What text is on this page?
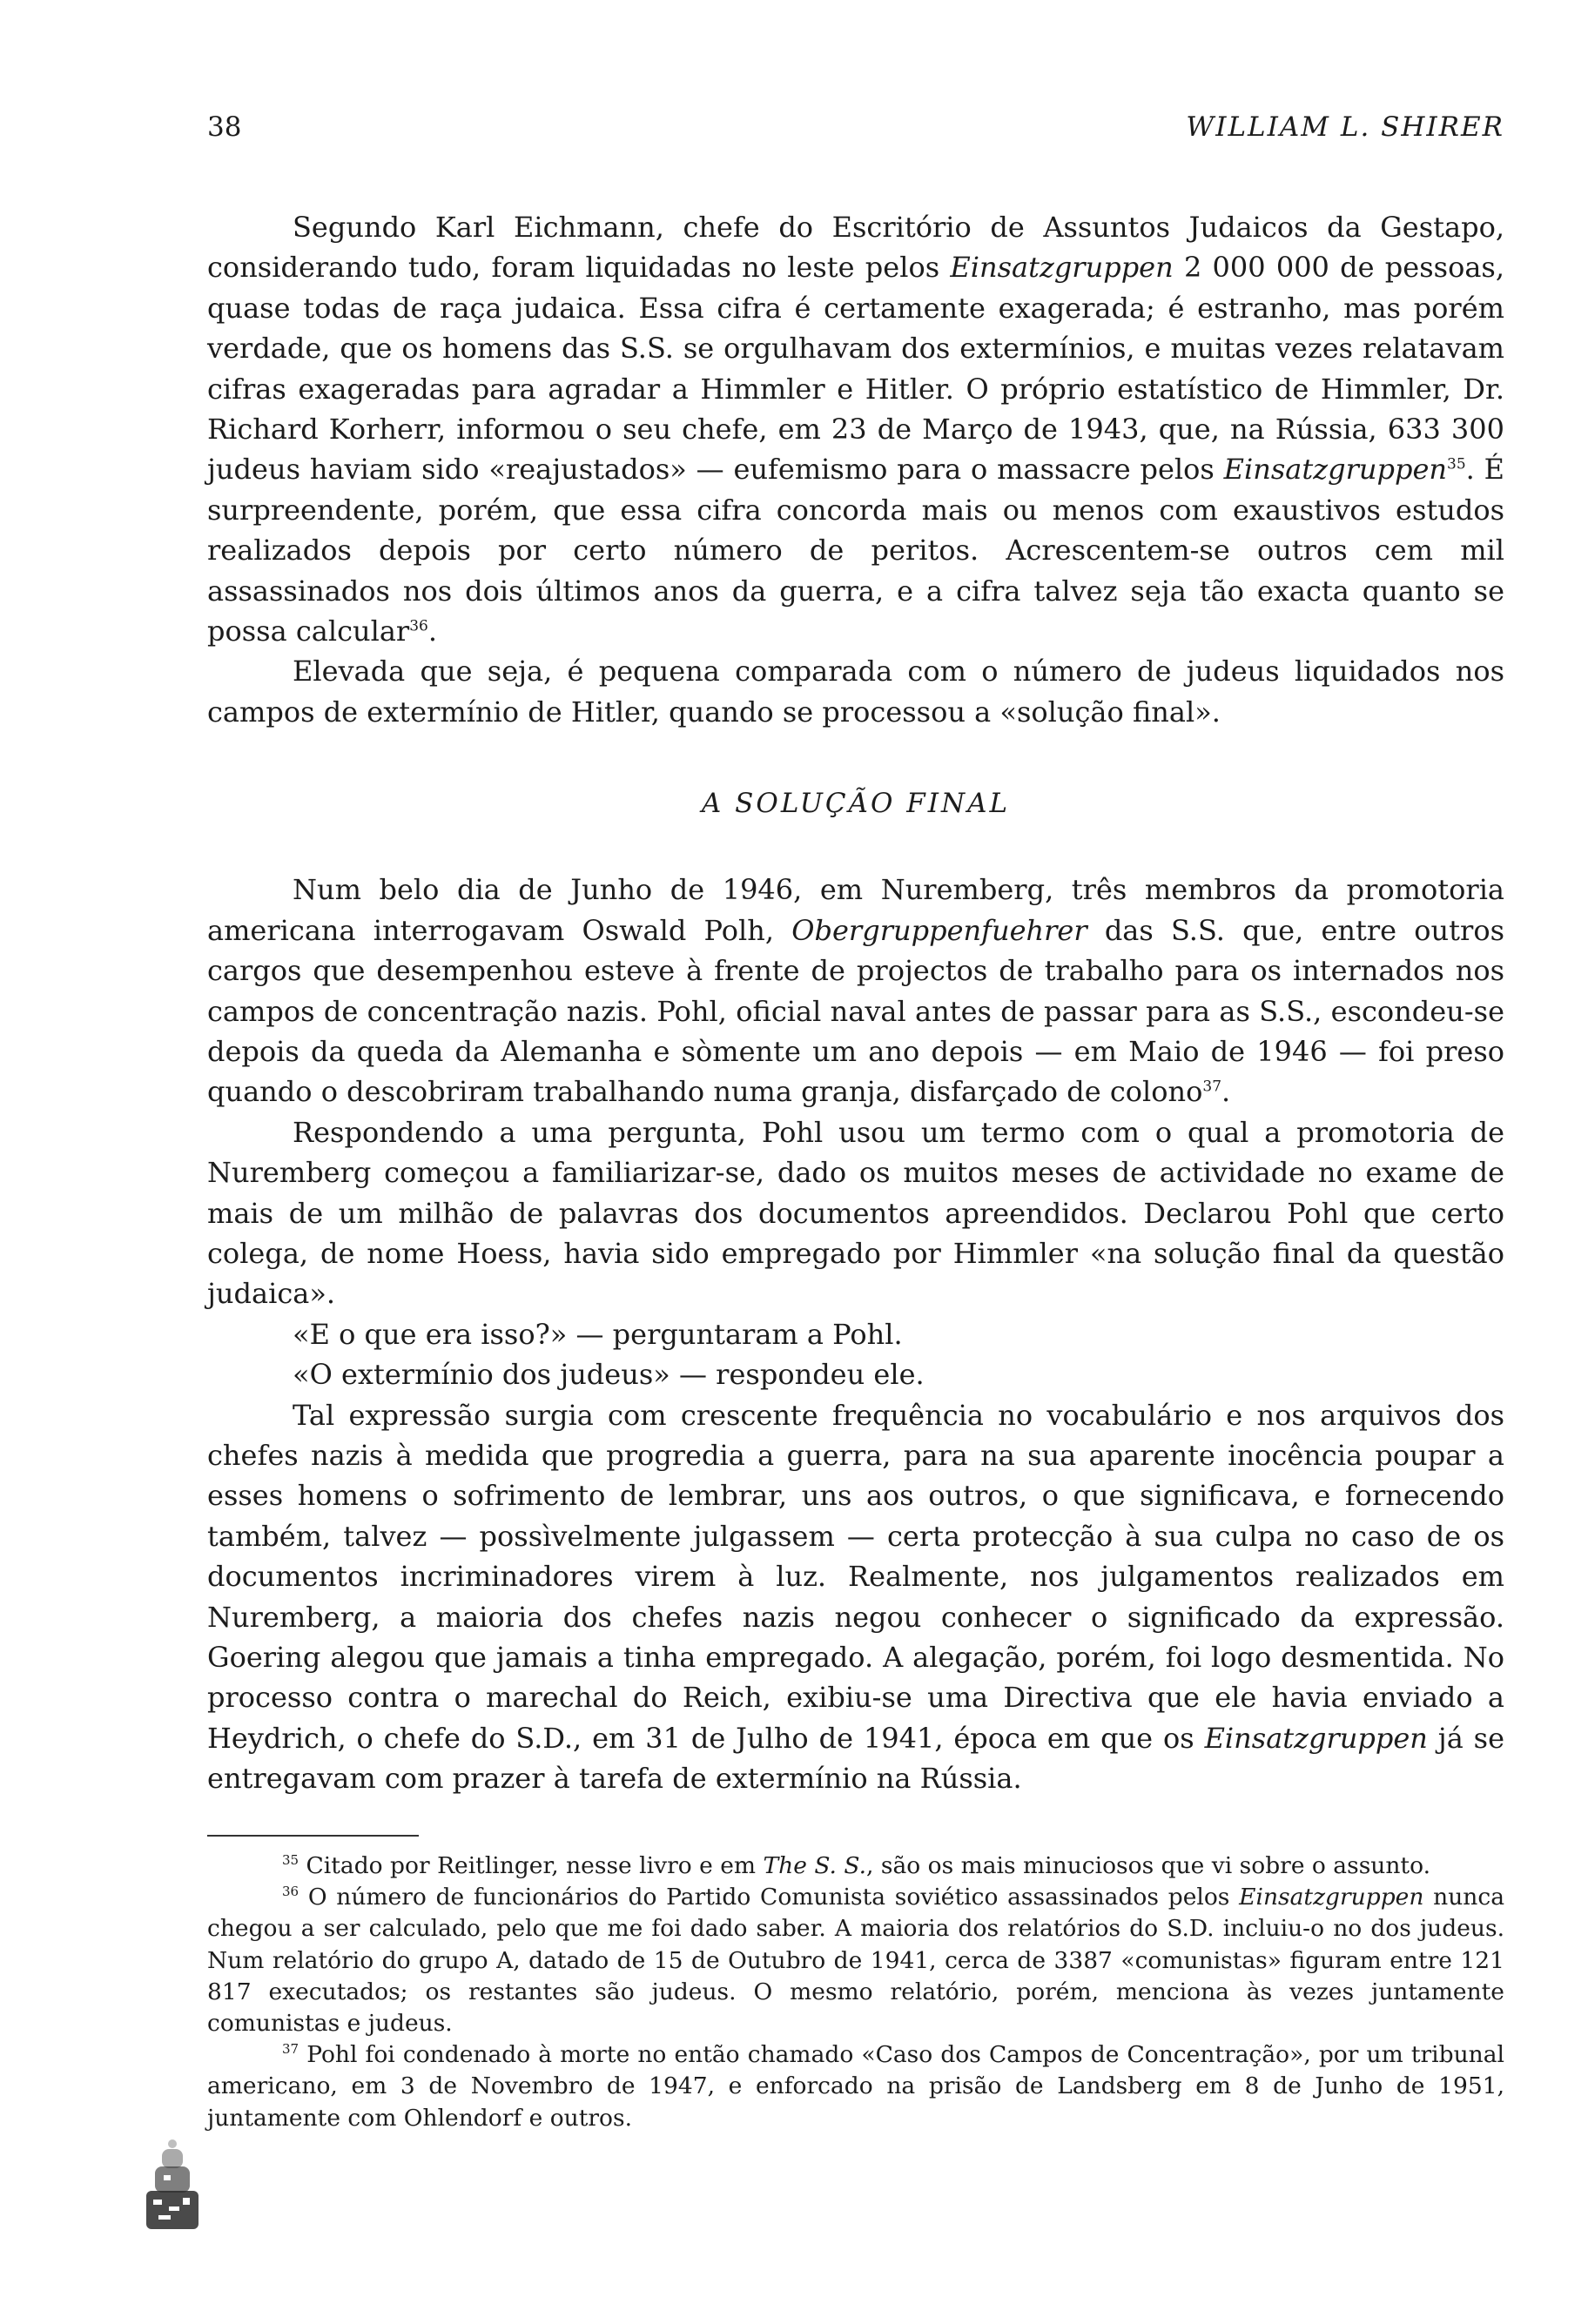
38	WILLIAM L. SHIRER

Segundo Karl Eichmann, chefe do Escritório de Assuntos Judaicos da Gestapo, considerando tudo, foram liquidadas no leste pelos Einsatzgruppen 2 000 000 de pessoas, quase todas de raça judaica. Essa cifra é certamente exagerada; é estranho, mas porém verdade, que os homens das S.S. se orgulhavam dos extermínios, e muitas vezes relatavam cifras exageradas para agradar a Himmler e Hitler. O próprio estatístico de Himmler, Dr. Richard Korherr, informou o seu chefe, em 23 de Março de 1943, que, na Rússia, 633 300 judeus haviam sido «reajustados» — eufemismo para o massacre pelos Einsatzgruppen$^{35}$. É surpreendente, porém, que essa cifra concorda mais ou menos com exaustivos estudos realizados depois por certo número de peritos. Acrescentem-se outros cem mil assassinados nos dois últimos anos da guerra, e a cifra talvez seja tão exacta quanto se possa calcular$^{36}$.

Elevada que seja, é pequena comparada com o número de judeus liquidados nos campos de extermínio de Hitler, quando se processou a «solução final».

A SOLUÇÃO FINAL

Num belo dia de Junho de 1946, em Nuremberg, três membros da promotoria americana interrogavam Oswald Polh, Obergruppenfuehrer das S.S. que, entre outros cargos que desempenhou esteve à frente de projectos de trabalho para os internados nos campos de concentração nazis. Pohl, oficial naval antes de passar para as S.S., escondeu-se depois da queda da Alemanha e sòmente um ano depois — em Maio de 1946 — foi preso quando o descobriram trabalhando numa granja, disfarçado de colono$^{37}$.

Respondendo a uma pergunta, Pohl usou um termo com o qual a promotoria de Nuremberg começou a familiarizar-se, dado os muitos meses de actividade no exame de mais de um milhão de palavras dos documentos apreendidos. Declarou Pohl que certo colega, de nome Hoess, havia sido empregado por Himmler «na solução final da questão judaica».

«E o que era isso?» — perguntaram a Pohl.

«O extermínio dos judeus» — respondeu ele.

Tal expressão surgia com crescente frequência no vocabulário e nos arquivos dos chefes nazis à medida que progredia a guerra, para na sua aparente inocência poupar a esses homens o sofrimento de lembrar, uns aos outros, o que significava, e fornecendo também, talvez — possìvelmente julgassem — certa protecção à sua culpa no caso de os documentos incriminadores virem à luz. Realmente, nos julgamentos realizados em Nuremberg, a maioria dos chefes nazis negou conhecer o significado da expressão. Goering alegou que jamais a tinha empregado. A alegação, porém, foi logo desmentida. No processo contra o marechal do Reich, exibiu-se uma Directiva que ele havia enviado a Heydrich, o chefe do S.D., em 31 de Julho de 1941, época em que os Einsatzgruppen já se entregavam com prazer à tarefa de extermínio na Rússia.

$^{35}$ Citado por Reitlinger, nesse livro e em The S. S., são os mais minuciosos que vi sobre o assunto.

$^{36}$ O número de funcionários do Partido Comunista soviético assassinados pelos Einsatzgruppen nunca chegou a ser calculado, pelo que me foi dado saber. A maioria dos relatórios do S.D. incluiu-o no dos judeus. Num relatório do grupo A, datado de 15 de Outubro de 1941, cerca de 3387 «comunistas» figuram entre 121 817 executados; os restantes são judeus. O mesmo relatório, porém, menciona às vezes juntamente comunistas e judeus.

$^{37}$ Pohl foi condenado à morte no então chamado «Caso dos Campos de Concentração», por um tribunal americano, em 3 de Novembro de 1947, e enforcado na prisão de Landsberg em 8 de Junho de 1951, juntamente com Ohlendorf e outros.
